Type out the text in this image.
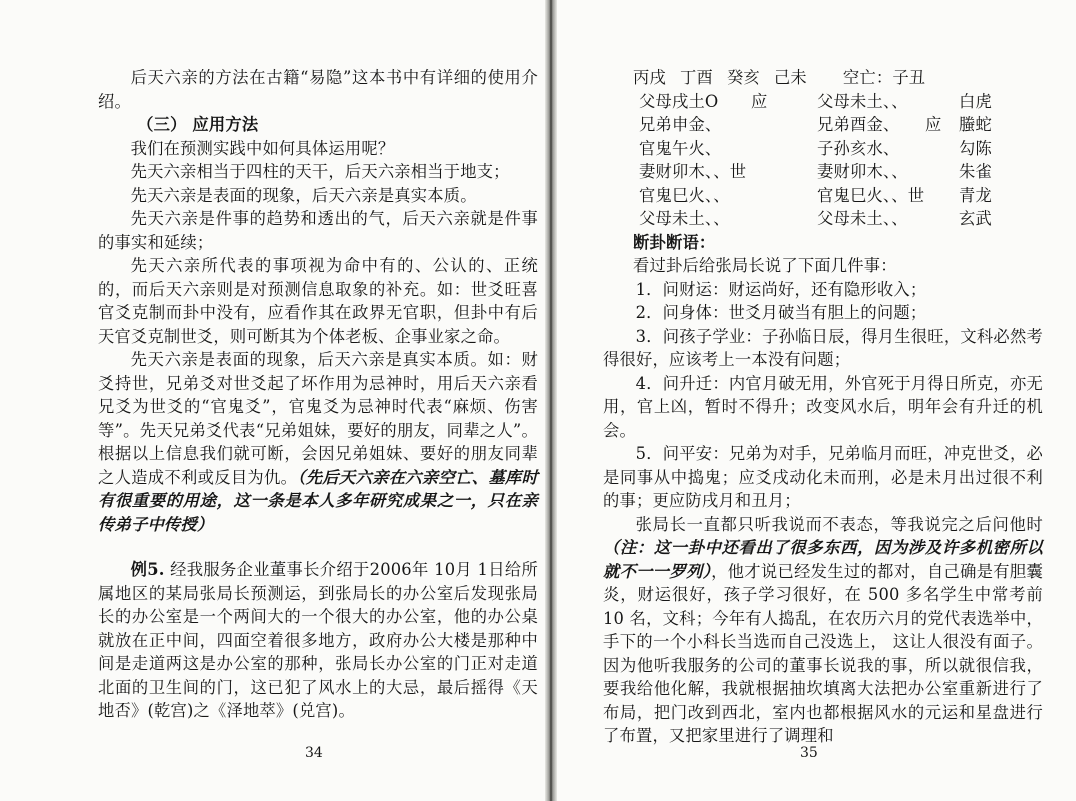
后天六亲的方法在古籍“易隐”这本书中有详细的使用介绍。

（三） 应用方法

我们在预测实践中如何具体运用呢？

先天六亲相当于四柱的天干，后天六亲相当于地支；

先天六亲是表面的现象，后天六亲是真实本质。

先天六亲是件事的趋势和透出的气，后天六亲就是件事的事实和延续；

先天六亲所代表的事项视为命中有的、公认的、正统的，而后天六亲则是对预测信息取象的补充。如：世爻旺喜官爻克制而卦中没有，应看作其在政界无官职，但卦中有后天官爻克制世爻，则可断其为个体老板、企事业家之命。

先天六亲是表面的现象，后天六亲是真实本质。如：财爻持世，兄弟爻对世爻起了坏作用为忌神时，用后天六亲看兄爻为世爻的“官鬼爻”，官鬼爻为忌神时代表“麻烦、伤害等”。先天兄弟爻代表“兄弟姐妹，要好的朋友，同辈之人”。根据以上信息我们就可断，会因兄弟姐妹、要好的朋友同辈之人造成不利或反目为仇。（先后天六亲在六亲空亡、墓库时有很重要的用途，这一条是本人多年研究成果之一，只在亲传弟子中传授）

例5. 经我服务企业董事长介绍于2006年 10月 1日给所属地区的某局张局长预测运，到张局长的办公室后发现张局长的办公室是一个两间大的一个很大的办公室，他的办公桌就放在正中间，四面空着很多地方，政府办公大楼是那种中间是走道两这是办公室的那种，张局长办公室的门正对走道北面的卫生间的门，这已犯了风水上的大忌，最后摇得《天地否》(乾宫)之《泽地萃》(兑宫)。

34

丙戌 丁酉 癸亥 己未 空亡：子丑

父母戌土O	应	父母未土、、		白虎
兄弟申金、		兄弟酉金、	应	螣蛇
官鬼午火、		子孙亥水、		勾陈
妻财卯木、、世		妻财卯木、、		朱雀
官鬼巳火、、		官鬼巳火、、世		青龙
父母未土、、		父母未土、、		玄武

断卦断语：

看过卦后给张局长说了下面几件事：

1．问财运：财运尚好，还有隐形收入；

2．问身体：世爻月破当有胆上的问题；

3．问孩子学业：子孙临日辰，得月生很旺，文科必然考得很好，应该考上一本没有问题；

4．问升迁：内官月破无用，外官死于月得日所克，亦无用，官上凶，暂时不得升；改变风水后，明年会有升迁的机会。

5．问平安：兄弟为对手，兄弟临月而旺，冲克世爻，必是同事从中捣鬼；应爻戌动化未而刑，必是未月出过很不利的事；更应防戌月和丑月；

张局长一直都只听我说而不表态，等我说完之后问他时（注：这一卦中还看出了很多东西，因为涉及许多机密所以就不一一罗列），他才说已经发生过的都对，自己确是有胆囊炎，财运很好，孩子学习很好，在 500 多名学生中常考前 10 名，文科；今年有人捣乱，在农历六月的党代表选举中，手下的一个小科长当选而自己没选上， 这让人很没有面子。因为他听我服务的公司的董事长说我的事，所以就很信我，要我给他化解，我就根据抽坎填离大法把办公室重新进行了布局，把门改到西北，室内也都根据风水的元运和星盘进行了布置，又把家里进行了调理和

35
